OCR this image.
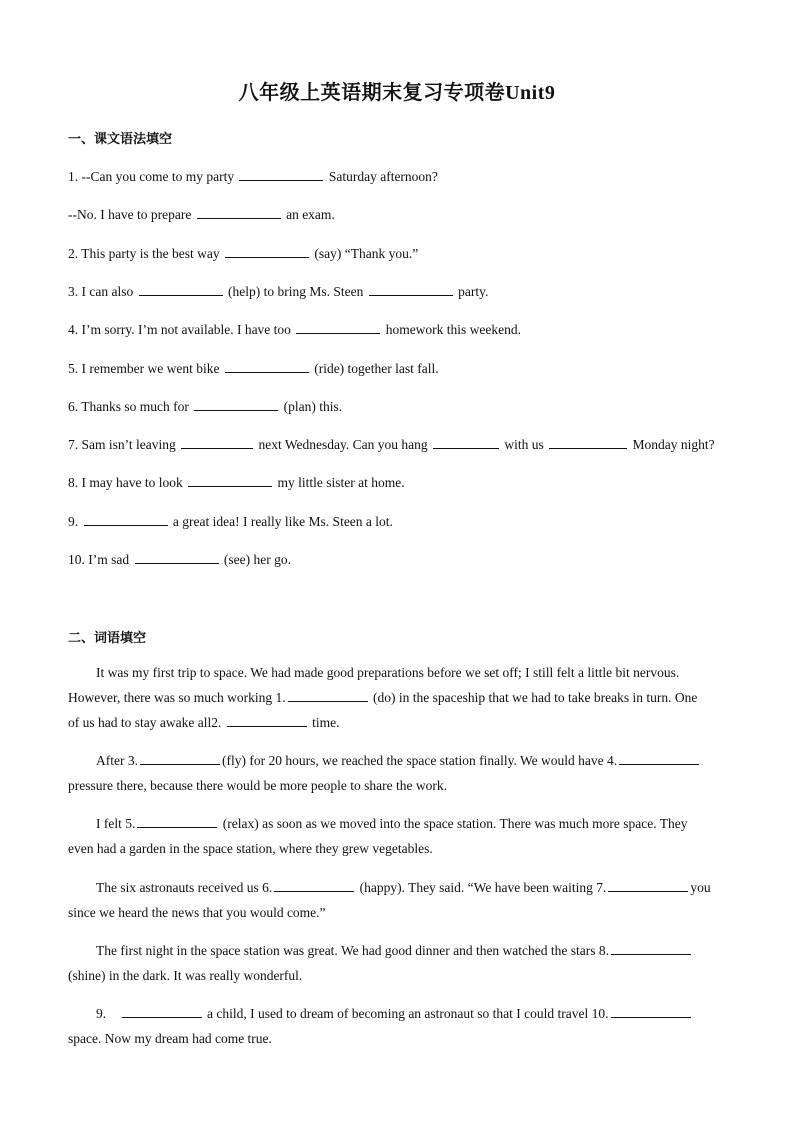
八年级上英语期末复习专项卷Unit9
一、课文语法填空
1. --Can you come to my party	Saturday afternoon?
--No. I have to prepare	an exam.
2. This party is the best way	(say) “Thank you.”
3. I can also	(help) to bring Ms. Steen	party.
4. I’m sorry. I’m not available. I have too	homework this weekend.
5. I remember we went bike	(ride) together last fall.
6. Thanks so much for	(plan) this.
7. Sam isn’t leaving	next Wednesday. Can you hang	with us	Monday night?
8. I may have to look	my little sister at home.
9.	a great idea! I really like Ms. Steen a lot.
10. I’m sad	(see) her go.
二、词语填空
It was my first trip to space. We had made good preparations before we set off; I still felt a little bit nervous.
However, there was so much working 1.	(do) in the spaceship that we had to take breaks in turn. One
of us had to stay awake all2.	time.
After 3.	(fly) for 20 hours, we reached the space station finally. We would have 4.
pressure there, because there would be more people to share the work.
I felt 5.	(relax) as soon as we moved into the space station. There was much more space. They
even had a garden in the space station, where they grew vegetables.
The six astronauts received us 6.	(happy). They said. “We have been waiting 7.	you
since we heard the news that you would come.”
The first night in the space station was great. We had good dinner and then watched the stars 8.
(shine) in the dark. It was really wonderful.
9.	a child, I used to dream of becoming an astronaut so that I could travel 10.
space. Now my dream had come true.
